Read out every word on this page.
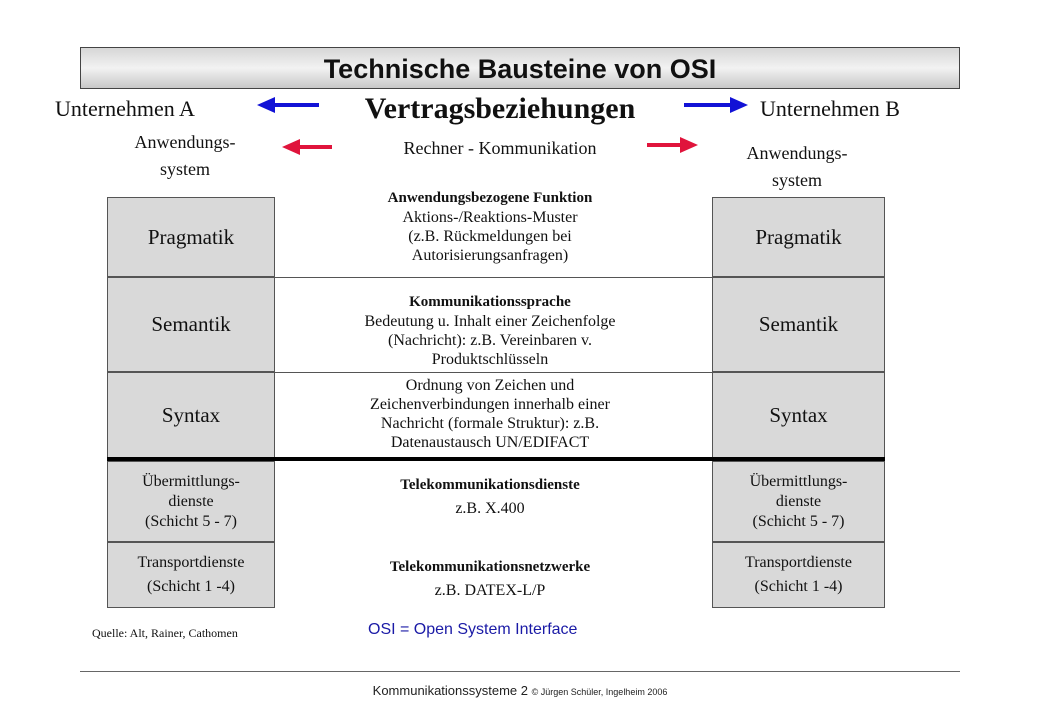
Technische Bausteine von OSI
Unternehmen A	Unternehmen B
Vertragsbeziehungen
Rechner - Kommunikation
Anwendungs-
system
Anwendungs-
system
Pragmatik
Semantik
Syntax
Übermittlungs-
dienste
(Schicht 5 - 7)
Transportdienste
(Schicht 1 -4)
Pragmatik
Semantik
Syntax
Übermittlungs-
dienste
(Schicht 5 - 7)
Transportdienste
(Schicht 1 -4)
Anwendungsbezogene Funktion
Aktions-/Reaktions-Muster
(z.B. Rückmeldungen bei
Autorisierungsanfragen)
Kommunikationssprache
Bedeutung u. Inhalt einer Zeichenfolge
(Nachricht): z.B. Vereinbaren v.
Produktschlüsseln
Ordnung von Zeichen und
Zeichenverbindungen innerhalb einer
Nachricht (formale Struktur): z.B.
Datenaustausch UN/EDIFACT
Telekommunikationsdienste
z.B. X.400
Telekommunikationsnetzwerke
z.B. DATEX-L/P
Quelle: Alt, Rainer, Cathomen	OSI = Open System Interface
Kommunikationssysteme 2 © Jürgen Schüler, Ingelheim 2006
